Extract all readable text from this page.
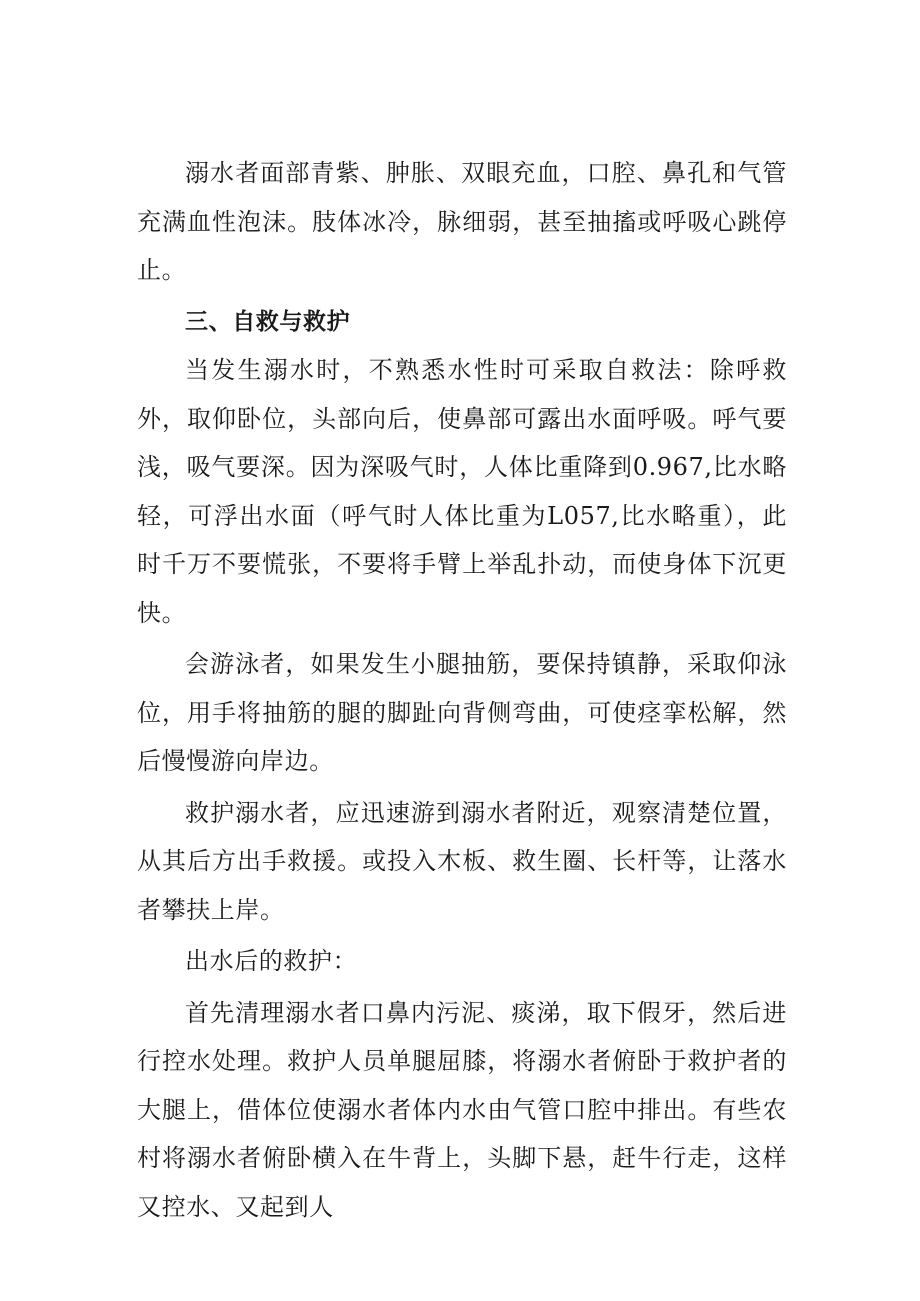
溺水者面部青紫、肿胀、双眼充血，口腔、鼻孔和气管充满血性泡沫。肢体冰冷，脉细弱，甚至抽搐或呼吸心跳停止。

三、自救与救护

当发生溺水时，不熟悉水性时可采取自救法：除呼救外，取仰卧位，头部向后，使鼻部可露出水面呼吸。呼气要浅，吸气要深。因为深吸气时，人体比重降到0.967,比水略轻，可浮出水面（呼气时人体比重为L057,比水略重），此时千万不要慌张，不要将手臂上举乱扑动，而使身体下沉更快。

会游泳者，如果发生小腿抽筋，要保持镇静，采取仰泳位，用手将抽筋的腿的脚趾向背侧弯曲，可使痉挛松解，然后慢慢游向岸边。

救护溺水者，应迅速游到溺水者附近，观察清楚位置，从其后方出手救援。或投入木板、救生圈、长杆等，让落水者攀扶上岸。

出水后的救护：

首先清理溺水者口鼻内污泥、痰涕，取下假牙，然后进行控水处理。救护人员单腿屈膝，将溺水者俯卧于救护者的大腿上，借体位使溺水者体内水由气管口腔中排出。有些农村将溺水者俯卧横入在牛背上，头脚下悬，赶牛行走，这样又控水、又起到人
